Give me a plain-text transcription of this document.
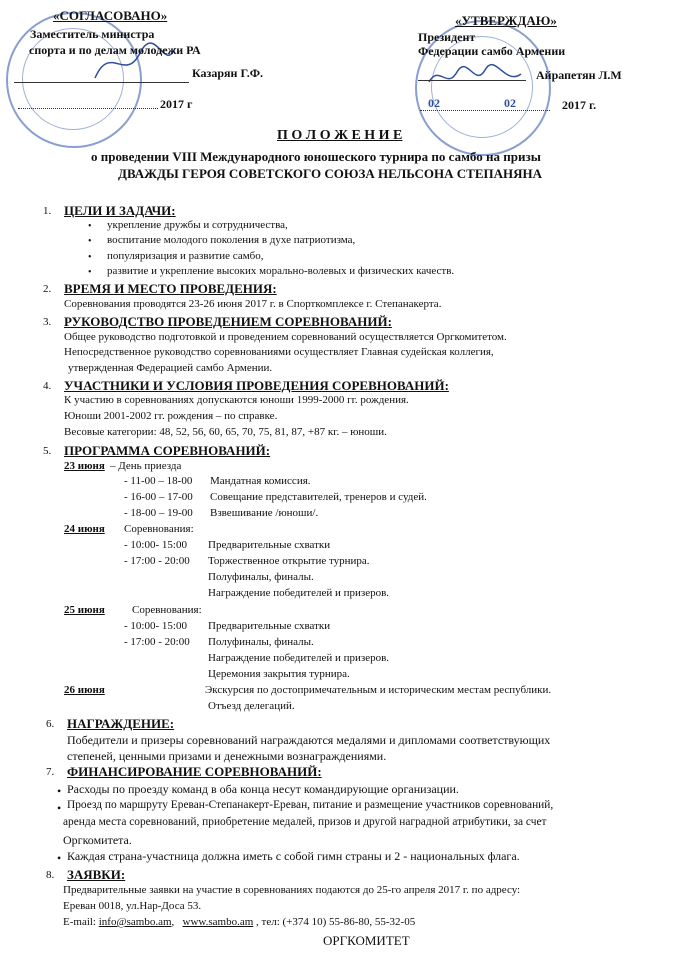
«СОГЛАСОВАНО»
Заместитель министра
спорта и по делам молодежи РА
Казарян Г.Ф.
2017 г
«УТВЕРЖДАЮ»
Президент
Федерации самбо Армении
Айрапетян Л.М
02	02	2017 г.
П О Л О Ж Е Н И Е
о проведении VIII Международного юношеского турнира по самбо на призы
ДВАЖДЫ ГЕРОЯ СОВЕТСКОГО СОЮЗА НЕЛЬСОНА СТЕПАНЯНА
1. ЦЕЛИ И ЗАДАЧИ:
• укрепление дружбы и сотрудничества,
• воспитание молодого поколения в духе патриотизма,
• популяризация и развитие самбо,
• развитие и укрепление высоких морально-волевых и физических качеств.
2. ВРЕМЯ И МЕСТО ПРОВЕДЕНИЯ:
Соревнования проводятся 23-26 июня 2017 г. в Спорткомплексе г. Степанакерта.
3. РУКОВОДСТВО ПРОВЕДЕНИЕМ СОРЕВНОВАНИЙ:
Общее руководство подготовкой и проведением соревнований осуществляется Оргкомитетом.
Непосредственное руководство соревнованиями осуществляет Главная судейская коллегия,
утвержденная Федерацией самбо Армении.
4. УЧАСТНИКИ И УСЛОВИЯ ПРОВЕДЕНИЯ СОРЕВНОВАНИЙ:
К участию в соревнованиях допускаются юноши 1999-2000 гг. рождения.
Юноши 2001-2002 гг. рождения – по справке.
Весовые категории: 48, 52, 56, 60, 65, 70, 75, 81, 87, +87 кг. – юноши.
5. ПРОГРАММА СОРЕВНОВАНИЙ:
23 июня – День приезда
- 11-00 – 18-00 Мандатная комиссия.
- 16-00 – 17-00 Совещание представителей, тренеров и судей.
- 18-00 – 19-00 Взвешивание /юноши/.
24 июня Соревнования:
- 10:00- 15:00 Предварительные схватки
- 17:00 - 20:00 Торжественное открытие турнира.
Полуфиналы, финалы.
Награждение победителей и призеров.
25 июня Соревнования:
- 10:00- 15:00 Предварительные схватки
- 17:00 - 20:00 Полуфиналы, финалы.
Награждение победителей и призеров.
Церемония закрытия турнира.
26 июня	Экскурсия по достопримечательным и историческим местам республики.
Отъезд делегаций.
6. НАГРАЖДЕНИЕ:
Победители и призеры соревнований награждаются медалями и дипломами соответствующих
степеней, ценными призами и денежными вознаграждениями.
7. ФИНАНСИРОВАНИЕ СОРЕВНОВАНИЙ:
• Расходы по проезду команд в оба конца несут командирующие организации.
• Проезд по маршруту Ереван-Степанакерт-Ереван, питание и размещение участников соревнований,
аренда места соревнований, приобретение медалей, призов и другой наградной атрибутики, за счет
Оргкомитета.
• Каждая страна-участница должна иметь с собой гимн страны и 2 - национальных флага.
8. ЗАЯВКИ:
Предварительные заявки на участие в соревнованиях подаются до 25-го апреля 2017 г. по адресу:
Ереван 0018, ул.Нар-Доса 53.
E-mail: info@sambo.am,   www.sambo.am , тел: (+374 10) 55-86-80, 55-32-05
ОРГКОМИТЕТ
